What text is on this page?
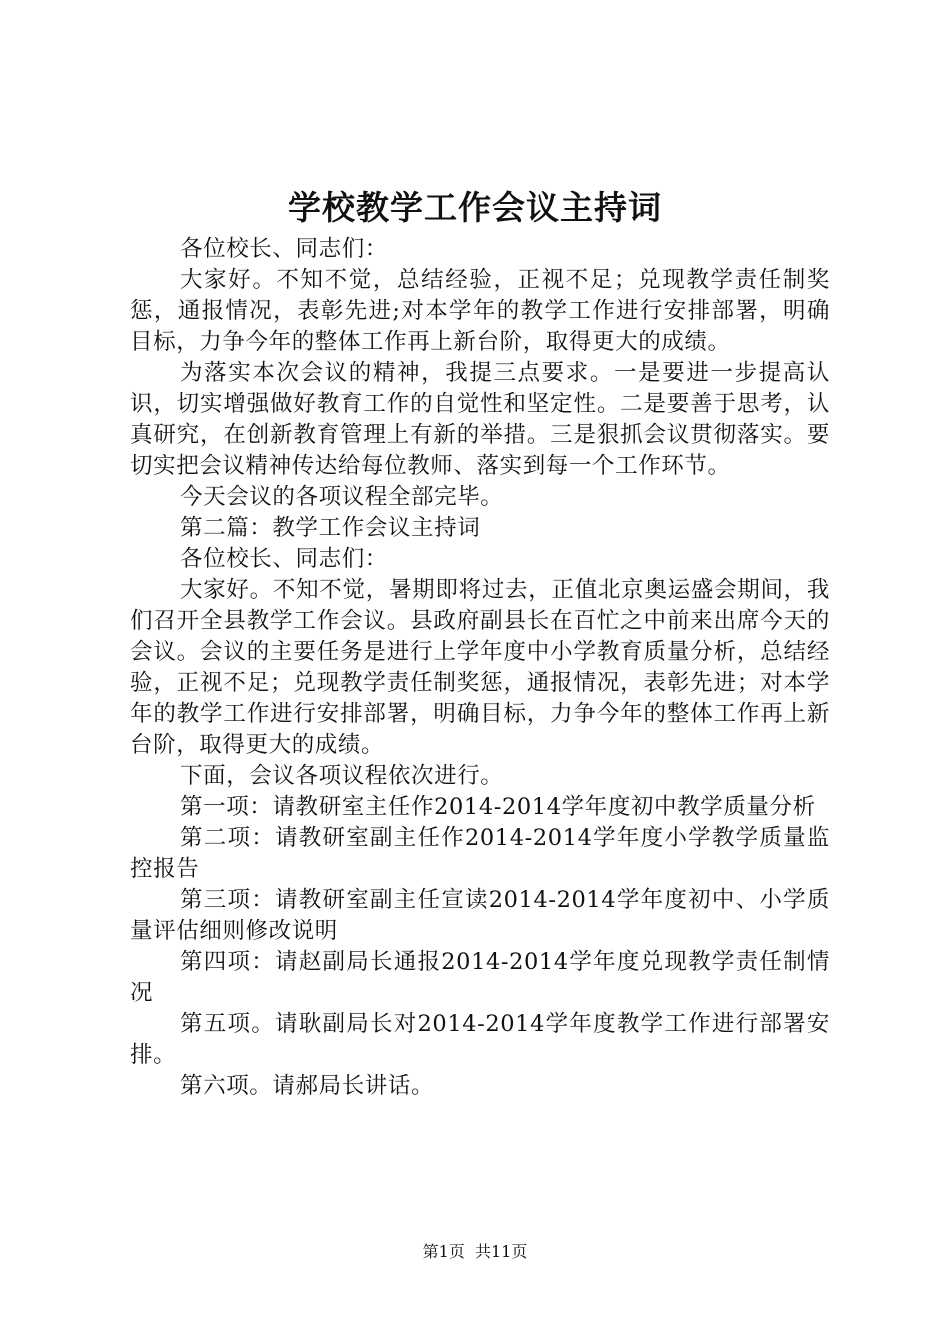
学校教学工作会议主持词

各位校长、同志们：

大家好。不知不觉，总结经验，正视不足；兑现教学责任制奖惩，通报情况，表彰先进;对本学年的教学工作进行安排部署，明确目标，力争今年的整体工作再上新台阶，取得更大的成绩。

为落实本次会议的精神，我提三点要求。一是要进一步提高认识，切实增强做好教育工作的自觉性和坚定性。二是要善于思考，认真研究，在创新教育管理上有新的举措。三是狠抓会议贯彻落实。要切实把会议精神传达给每位教师、落实到每一个工作环节。

今天会议的各项议程全部完毕。

第二篇：教学工作会议主持词

各位校长、同志们：

大家好。不知不觉，暑期即将过去，正值北京奥运盛会期间，我们召开全县教学工作会议。县政府副县长在百忙之中前来出席今天的会议。会议的主要任务是进行上学年度中小学教育质量分析，总结经验，正视不足；兑现教学责任制奖惩，通报情况，表彰先进；对本学年的教学工作进行安排部署，明确目标，力争今年的整体工作再上新台阶，取得更大的成绩。

下面，会议各项议程依次进行。

第一项：请教研室主任作2014-2014学年度初中教学质量分析

第二项：请教研室副主任作2014-2014学年度小学教学质量监控报告

第三项：请教研室副主任宣读2014-2014学年度初中、小学质量评估细则修改说明

第四项：请赵副局长通报2014-2014学年度兑现教学责任制情况

第五项。请耿副局长对2014-2014学年度教学工作进行部署安排。

第六项。请郝局长讲话。

第1页  共11页
